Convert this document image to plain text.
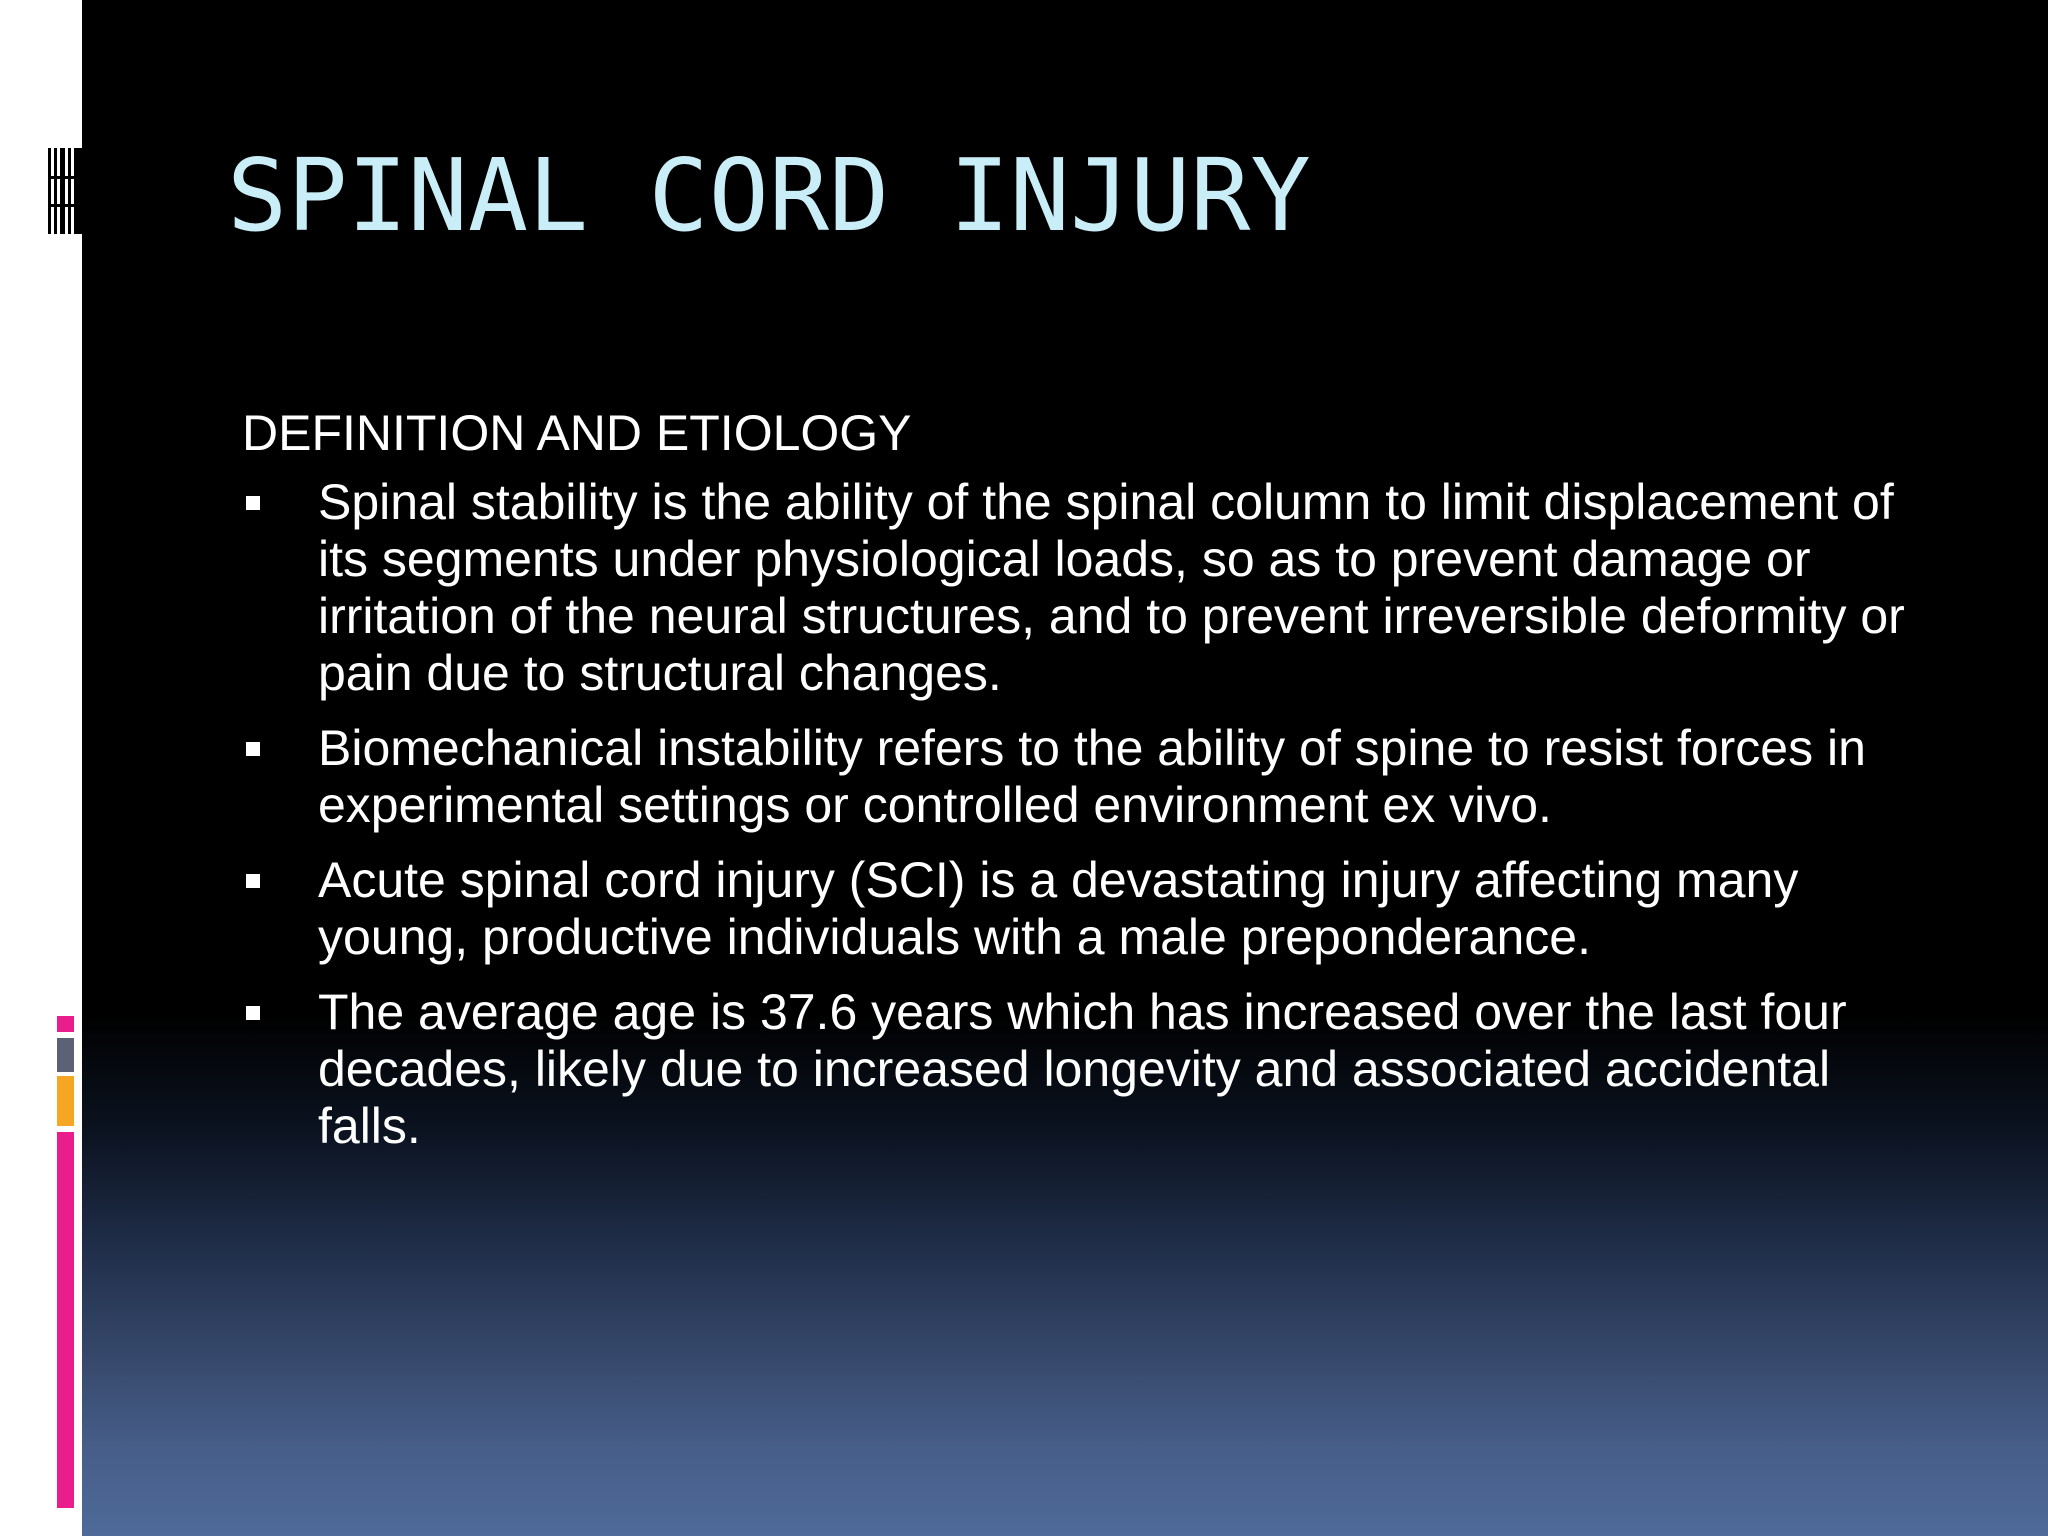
SPINAL CORD INJURY
DEFINITION AND ETIOLOGY
Spinal stability is the ability of the spinal column to limit displacement of its segments under physiological loads, so as to prevent damage or irritation of the neural structures, and to prevent irreversible deformity or pain due to structural changes.
Biomechanical instability refers to the ability of spine to resist forces in experimental settings or controlled environment ex vivo.
Acute spinal cord injury (SCI) is a devastating injury affecting many young, productive individuals with a male preponderance.
The average age is 37.6 years which has increased over the last four decades, likely due to increased longevity and associated accidental falls.
